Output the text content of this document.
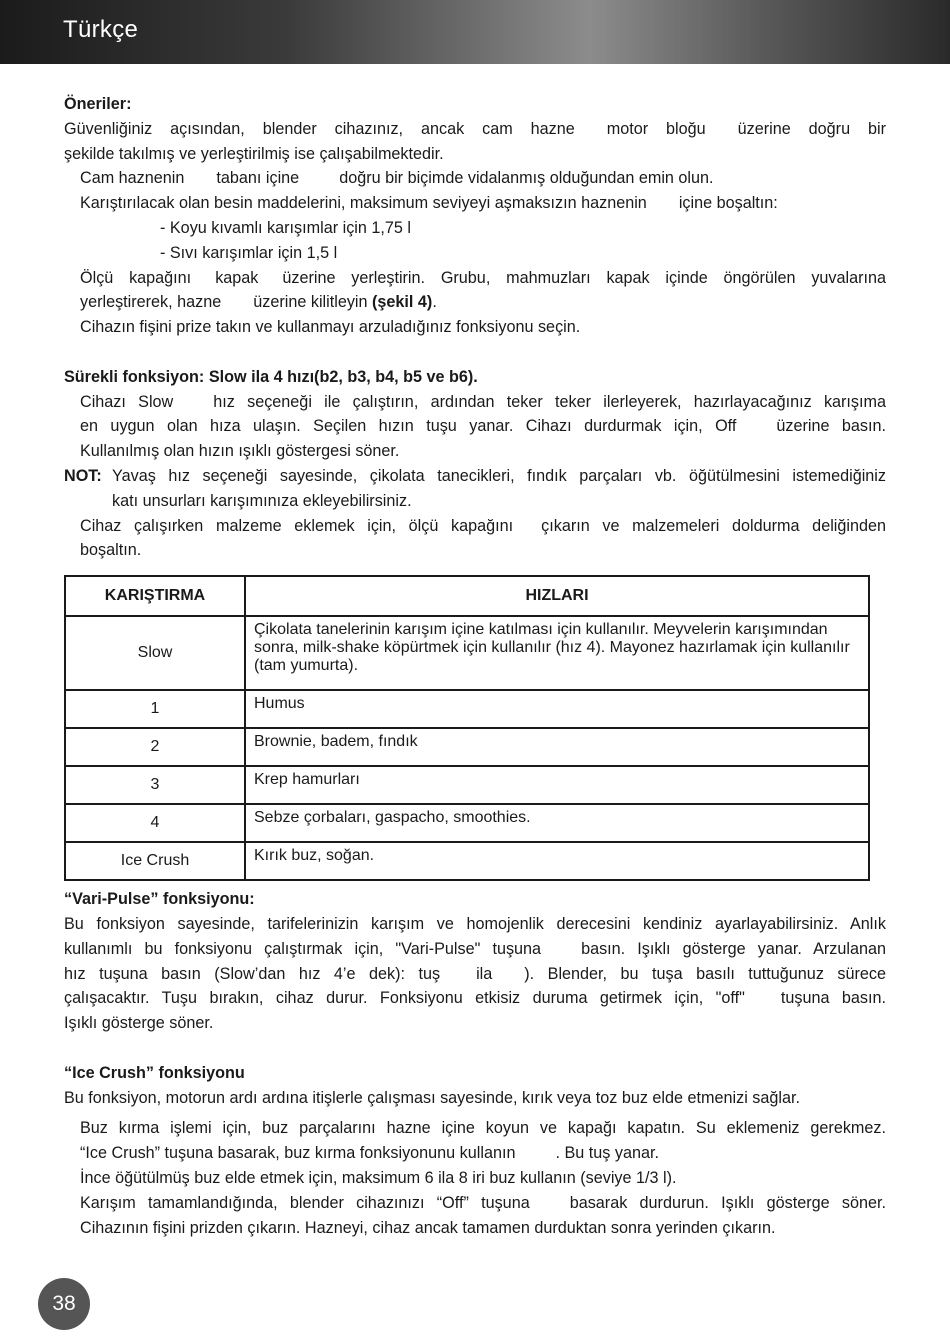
Türkçe
Öneriler:
Güvenliğiniz açısından, blender cihazınız, ancak cam hazne motor bloğu üzerine doğru bir
şekilde takılmış ve yerleştirilmiş ise çalışabilmektedir.
Cam haznenin tabanı içine doğru bir biçimde vidalanmış olduğundan emin olun.
Karıştırılacak olan besin maddelerini, maksimum seviyeyi aşmaksızın haznenin içine boşaltın:
- Koyu kıvamlı karışımlar için 1,75 l
- Sıvı karışımlar için 1,5 l
Ölçü kapağını kapak üzerine yerleştirin. Grubu, mahmuzları kapak içinde öngörülen yuvalarına
yerleştirerek, hazne üzerine kilitleyin (şekil 4).
Cihazın fişini prize takın ve kullanmayı arzuladığınız fonksiyonu seçin.
Sürekli fonksiyon: Slow ila 4 hızı(b2, b3, b4, b5 ve b6).
Cihazı Slow hız seçeneği ile çalıştırın, ardından teker teker ilerleyerek, hazırlayacağınız karışıma
en uygun olan hıza ulaşın. Seçilen hızın tuşu yanar. Cihazı durdurmak için, Off üzerine basın.
Kullanılmış olan hızın ışıklı göstergesi söner.
NOT: Yavaş hız seçeneği sayesinde, çikolata tanecikleri, fındık parçaları vb. öğütülmesini istemediğiniz
katı unsurları karışımınıza ekleyebilirsiniz.
Cihaz çalışırken malzeme eklemek için, ölçü kapağını çıkarın ve malzemeleri doldurma deliğinden
boşaltın.
KARIŞTIRMA	HIZLARI
Slow	Çikolata tanelerinin karışım içine katılması için kullanılır. Meyvelerin karışımından sonra, milk-shake köpürtmek için kullanılır (hız 4). Mayonez hazırlamak için kullanılır (tam yumurta).
1	Humus
2	Brownie, badem, fındık
3	Krep hamurları
4	Sebze çorbaları, gaspacho, smoothies.
Ice Crush	Kırık buz, soğan.
“Vari-Pulse” fonksiyonu:
Bu fonksiyon sayesinde, tarifelerinizin karışım ve homojenlik derecesini kendiniz ayarlayabilirsiniz. Anlık
kullanımlı bu fonksiyonu çalıştırmak için, "Vari-Pulse" tuşuna basın. Işıklı gösterge yanar. Arzulanan
hız tuşuna basın (Slow’dan hız 4’e dek): tuş ila ). Blender, bu tuşa basılı tuttuğunuz sürece
çalışacaktır. Tuşu bırakın, cihaz durur. Fonksiyonu etkisiz duruma getirmek için, "off" tuşuna basın.
Işıklı gösterge söner.
“Ice Crush” fonksiyonu
Bu fonksiyon, motorun ardı ardına itişlerle çalışması sayesinde, kırık veya toz buz elde etmenizi sağlar.
Buz kırma işlemi için, buz parçalarını hazne içine koyun ve kapağı kapatın. Su eklemeniz gerekmez.
“Ice Crush” tuşuna basarak, buz kırma fonksiyonunu kullanın . Bu tuş yanar.
İnce öğütülmüş buz elde etmek için, maksimum 6 ila 8 iri buz kullanın (seviye 1/3 l).
Karışım tamamlandığında, blender cihazınızı “Off” tuşuna basarak durdurun. Işıklı gösterge söner.
Cihazının fişini prizden çıkarın. Hazneyi, cihaz ancak tamamen durduktan sonra yerinden çıkarın.
38
